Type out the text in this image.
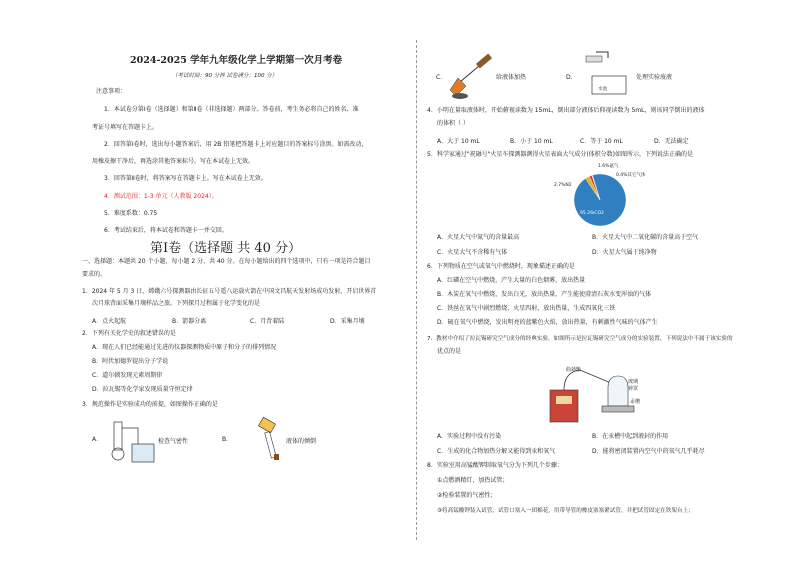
2024-2025 学年九年级化学上学期第一次月考卷
（考试时间：90 分钟 试卷满分：100 分）
注意事项：
1．本试卷分第Ⅰ卷（选择题）和第Ⅱ卷（非选择题）两部分。答卷前，考生务必将自己的姓名、准
考证号填写在答题卡上。
2．回答第Ⅰ卷时，选出每小题答案后，用 2B 铅笔把答题卡上对应题目的答案标号涂黑。如需改动，
用橡皮擦干净后，再选涂其他答案标号。写在本试卷上无效。
3．回答第Ⅱ卷时，将答案写在答题卡上。写在本试卷上无效。
4．测试范围：1-3 单元（人教版 2024）。
5．难度系数：0.75
6．考试结束后，将本试卷和答题卡一并交回。
第Ⅰ卷（选择题 共 40 分）
一、选择题：本题共 20 个小题，每小题 2 分，共 40 分。在每小题给出的四个选项中，只有一项是符合题目
要求的。
1．2024 年 5 月 3 日，嫦娥六号探测器由长征五号遥八运载火箭在中国文昌航天发射场成功发射，开启世界首
次月球背面采集月壤样品之旅。下列探月过程属于化学变化的是
A．点火起航	B．箭器分离	C．月背着陆	D．采集月壤
2．下列有关化学史的叙述错误的是
A．现在人们已经能通过先进的仪器探测物质中原子和分子的排列情况
B．阿伏加德罗提出分子学说
C．道尔顿发现元素周期律
D．拉瓦锡等化学家发现质量守恒定律
3．规范操作是实验成功的前提，如图操作正确的是
A．	检查气密性	B．	液体的倾倒
C．	给液体加热	D．
水池
处理实验废液
4．小明在量取液体时，开始俯视读数为 15mL，倒出部分液体后仰视读数为 5mL，则该同学倒出的液体
的体积（ ）
A．大于 10 mL	B．小于 10 mL	C．等于 10 mL	D．无法确定
5．科学家通过"祝融号"火星车探测器测得火星表面大气成分(体积分数)如图所示，下列说法正确的是
95.3%CO2
2.7%N2
1.6%氩气
0.4%其它气体
A．火星大气中氮气的含量最高	B．火星大气中二氧化碳的含量高于空气
C．火星大气不含稀有气体	D．火星大气属于纯净物
6．下列物质在空气或氧气中燃烧时，现象描述正确的是
A．红磷在空气中燃烧，产生大量的白色烟雾，放出热量
B．木炭在氧气中燃烧，发出白光，放出热量，产生能使澄清石灰水变浑浊的气体
C．铁丝在氧气中剧烈燃烧，火星四射，放出热量，生成四氧化三铁
D．硫在氧气中燃烧，发出明亮的蓝紫色火焰，放出热量，有刺激性气味的气体产生
7．教材中介绍了拉瓦锡研究空气成分的经典实验，如图所示是拉瓦锡研究空气成分的实验装置，下列说法中不属于该实验的
优点的是
曲颈甑
玻璃
钟罩
汞槽
A．实验过程中没有污染	B．在汞槽中起到液封的作用
C．生成的化合物加热分解又能得到汞和氧气	D．能将密闭装置内空气中的氧气几乎耗尽
8．实验室用高锰酸钾制取氧气分为下列几个步骤：
①点燃酒精灯，加热试管；
②检验装置的气密性；
③将高锰酸钾装入试管，试管口塞入一团棉花，用带导管的橡皮塞塞紧试管，并把试管固定在铁架台上；
